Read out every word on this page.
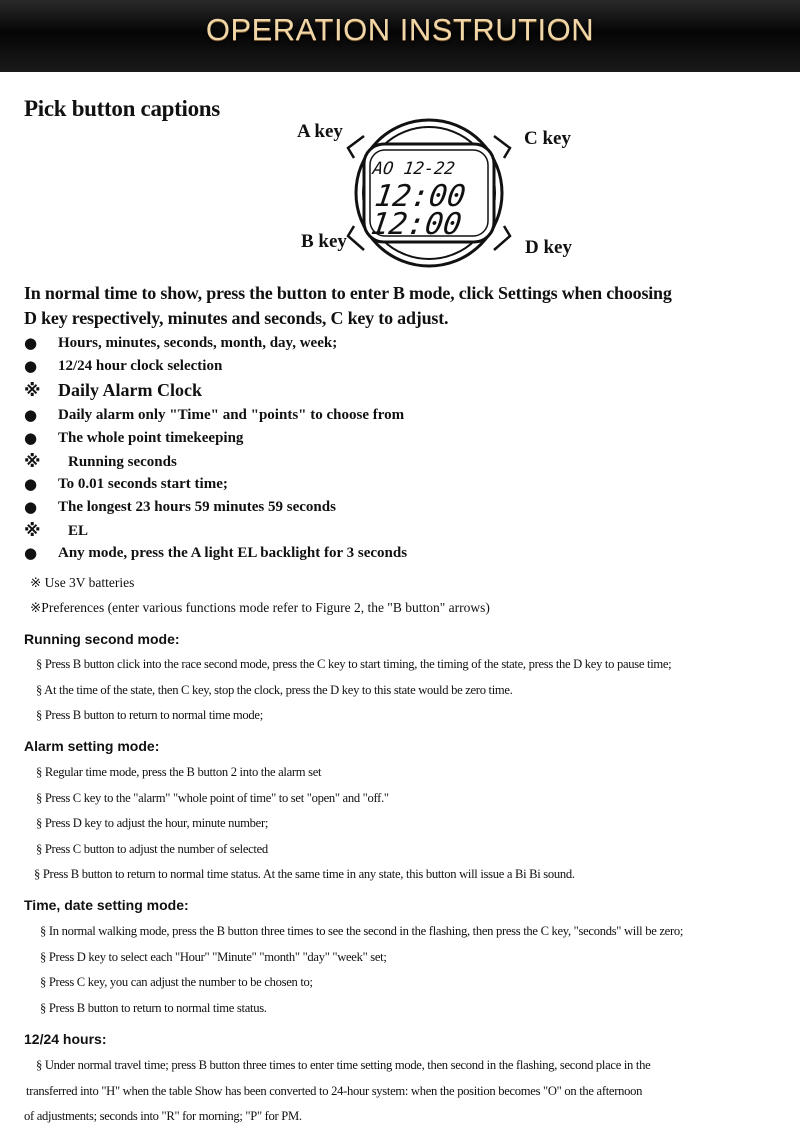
OPERATION INSTRUTION
Pick button captions
A key	C key
B key	D key
AO 12-22
12:00
12:00
In normal time to show, press the button to enter B mode, click Settings when choosing
D key respectively, minutes and seconds, C key to adjust.
●	Hours, minutes, seconds, month, day, week;
●	12/24 hour clock selection
※ Daily Alarm Clock
●	Daily alarm only "Time" and "points" to choose from
●	The whole point timekeeping
※	Running seconds
●	To 0.01 seconds start time;
●	The longest 23 hours 59 minutes 59 seconds
※	EL
●	Any mode, press the A light EL backlight for 3 seconds
※ Use 3V batteries
※Preferences (enter various functions mode refer to Figure 2, the "B button" arrows)
Running second mode:
§ Press B button click into the race second mode, press the C key to start timing, the timing of the state, press the D key to pause time;
§ At the time of the state, then C key, stop the clock, press the D key to this state would be zero time.
§ Press B button to return to normal time mode;
Alarm setting mode:
§ Regular time mode, press the B button 2 into the alarm set
§ Press C key to the "alarm" "whole point of time" to set "open" and "off."
§ Press D key to adjust the hour, minute number;
§ Press C button to adjust the number of selected
§ Press B button to return to normal time status. At the same time in any state, this button will issue a Bi Bi sound.
Time, date setting mode:
§ In normal walking mode, press the B button three times to see the second in the flashing, then press the C key, "seconds" will be zero;
§ Press D key to select each "Hour" "Minute" "month" "day" "week" set;
§ Press C key, you can adjust the number to be chosen to;
§ Press B button to return to normal time status.
12/24 hours:
§ Under normal travel time; press B button three times to enter time setting mode, then second in the flashing, second place in the
transferred into "H" when the table Show has been converted to 24-hour system: when the position becomes "O" on the afternoon
of adjustments; seconds into "R" for morning; "P" for PM.
